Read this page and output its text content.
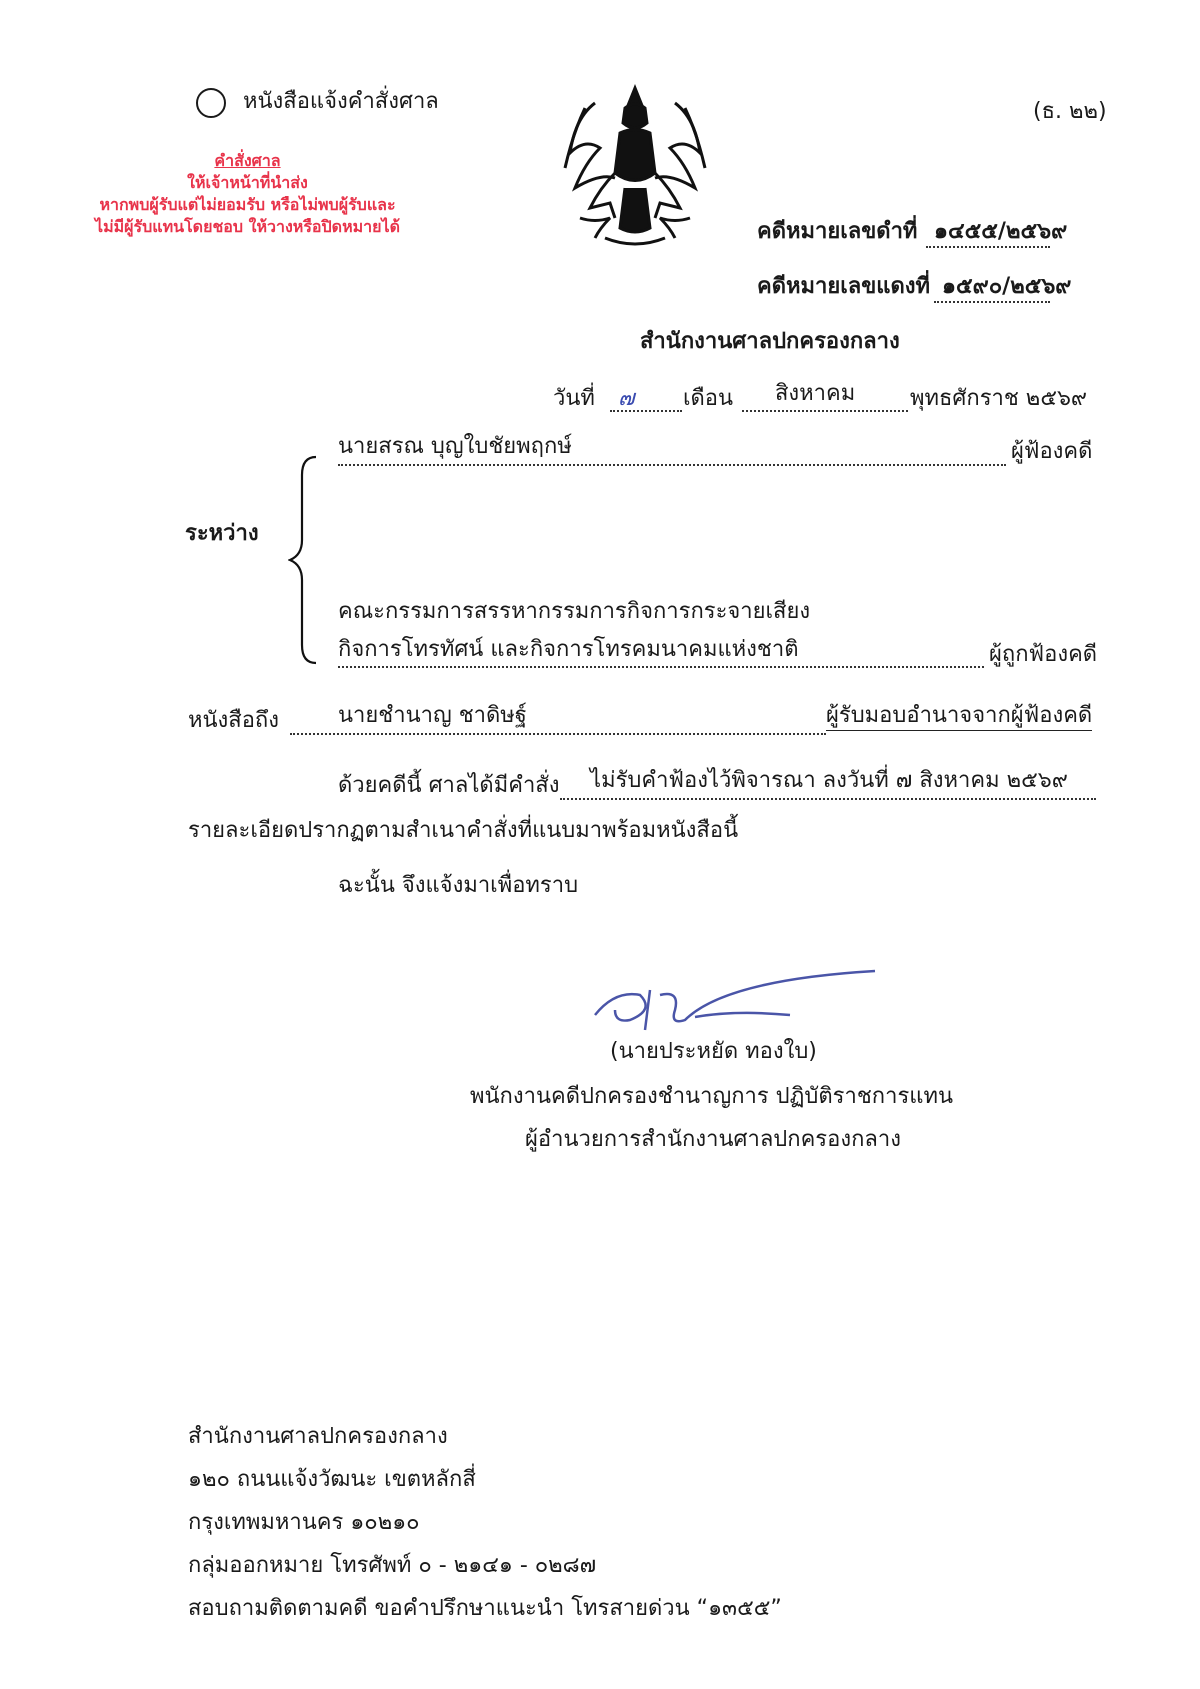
หนังสือแจ้งคำสั่งศาล	(ธ. ๒๒)
คำสั่งศาล
ให้เจ้าหน้าที่นำส่ง
หากพบผู้รับแต่ไม่ยอมรับ หรือไม่พบผู้รับและ
ไม่มีผู้รับแทนโดยชอบ ให้วางหรือปิดหมายได้	คดีหมายเลขดำที่ ๑๔๕๕/๒๕๖๙
คดีหมายเลขแดงที่ ๑๕๙๐/๒๕๖๙
สำนักงานศาลปกครองกลาง
วันที่ ๗ เดือน สิงหาคม พุทธศักราช ๒๕๖๙
ระหว่าง
นายสรณ บุญใบชัยพฤกษ์	ผู้ฟ้องคดี
คณะกรรมการสรรหากรรมการกิจการกระจายเสียง
กิจการโทรทัศน์ และกิจการโทรคมนาคมแห่งชาติ	ผู้ถูกฟ้องคดี
หนังสือถึง	นายชำนาญ ชาดิษฐ์	ผู้รับมอบอำนาจจากผู้ฟ้องคดี
ด้วยคดีนี้ ศาลได้มีคำสั่ง ไม่รับคำฟ้องไว้พิจารณา ลงวันที่ ๗ สิงหาคม ๒๕๖๙
รายละเอียดปรากฏตามสำเนาคำสั่งที่แนบมาพร้อมหนังสือนี้
ฉะนั้น จึงแจ้งมาเพื่อทราบ
(นายประหยัด ทองใบ)
พนักงานคดีปกครองชำนาญการ ปฏิบัติราชการแทน
ผู้อำนวยการสำนักงานศาลปกครองกลาง
สำนักงานศาลปกครองกลาง
๑๒๐ ถนนแจ้งวัฒนะ เขตหลักสี่
กรุงเทพมหานคร ๑๐๒๑๐
กลุ่มออกหมาย โทรศัพท์ ๐ - ๒๑๔๑ - ๐๒๘๗
สอบถามติดตามคดี ขอคำปรึกษาแนะนำ โทรสายด่วน “๑๓๕๕”
